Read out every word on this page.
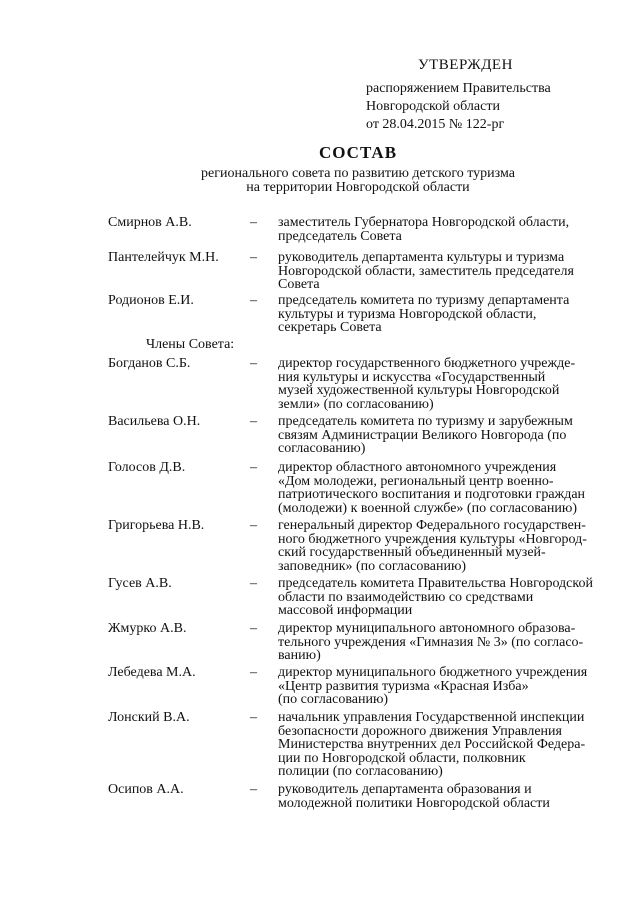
УТВЕРЖДЕН
распоряжением Правительства
Новгородской области
от 28.04.2015 № 122-рг
СОСТАВ
регионального совета по развитию детского туризма
на территории Новгородской области
Смирнов А.В.	– заместитель Губернатора Новгородской области,
председатель Совета
Пантелейчук М.Н. – руководитель департамента культуры и туризма
Новгородской области, заместитель председателя
Совета
Родионов Е.И.	– председатель комитета по туризму департамента
культуры и туризма Новгородской области,
секретарь Совета
Члены Совета:
Богданов С.Б.	– директор государственного бюджетного учрежде-
ния культуры и искусства «Государственный
музей художественной культуры Новгородской
земли» (по согласованию)
Васильева О.Н.	– председатель комитета по туризму и зарубежным
связям Администрации Великого Новгорода (по
согласованию)
Голосов Д.В.	– директор областного автономного учреждения
«Дом молодежи, региональный центр военно-
патриотического воспитания и подготовки граждан
(молодежи) к военной службе» (по согласованию)
Григорьева Н.В.	– генеральный директор Федерального государствен-
ного бюджетного учреждения культуры «Новгород-
ский государственный объединенный музей-
заповедник» (по согласованию)
Гусев А.В.	– председатель комитета Правительства Новгородской
области по взаимодействию со средствами
массовой информации
Жмурко А.В.	– директор муниципального автономного образова-
тельного учреждения «Гимназия № 3» (по согласо-
ванию)
Лебедева М.А.	– директор муниципального бюджетного учреждения
«Центр развития туризма «Красная Изба»
(по согласованию)
Лонский В.А.	– начальник управления Государственной инспекции
безопасности дорожного движения Управления
Министерства внутренних дел Российской Федера-
ции по Новгородской области, полковник
полиции (по согласованию)
Осипов А.А.	– руководитель департамента образования и
молодежной политики Новгородской области
